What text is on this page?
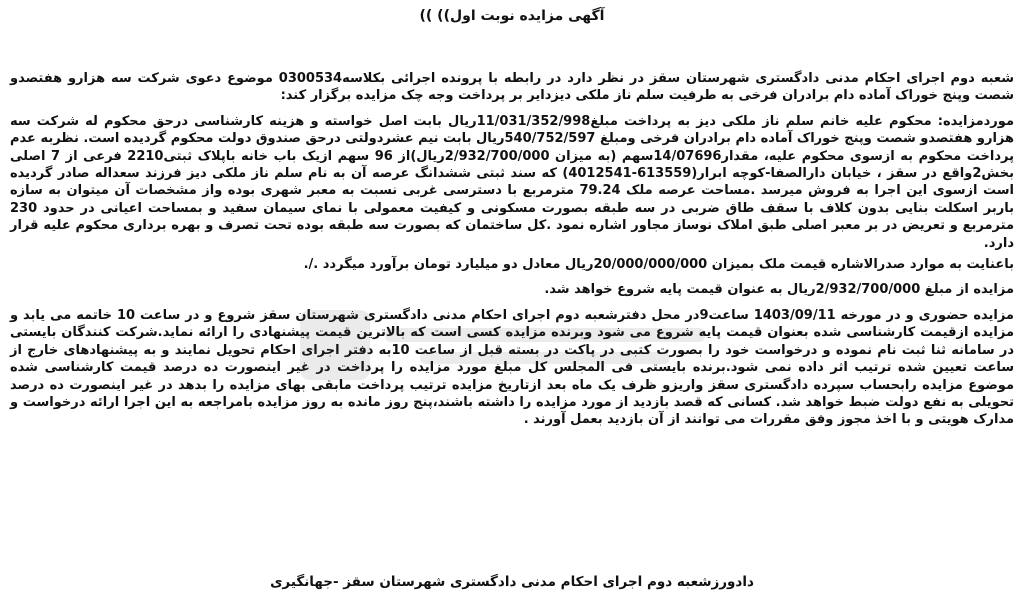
آگهی مزایده نوبت اول)) ))

شعبه دوم اجرای احکام مدنی دادگستری شهرستان سقز در نظر دارد در رابطه با پرونده اجرائی بکلاسه0300534 موضوع دعوی شرکت سه هزارو هفتصدو شصت وپنج خوراک آماده دام برادران فرخی به طرفیت سلم ناز ملکی دیزدایر بر پرداخت وجه چک مزایده برگزار کند:

موردمزایده: محکوم علیه خانم سلم ناز ملکی دیز به پرداخت مبلغ11/031/352/998ریال بابت اصل خواسته و هزینه کارشناسی درحق محکوم له شرکت سه هزارو هفتصدو شصت وپنج خوراک آماده دام برادران فرخی ومبلغ 540/752/597ریال بابت نیم عشردولتی درحق صندوق دولت محکوم گردیده است. نظربه عدم پرداخت محکوم به ازسوی محکوم علیه، مقدار14/07696سهم (به میزان 2/932/700/000ریال)از 96 سهم ازیک باب خانه باپلاک ثبتی2210 فرعی از 7 اصلی بخش2واقع در سقز ، خیابان دارالصفا-کوچه ابرار(613559-4012541) که سند ثبتی ششدانگ عرصه آن به نام سلم ناز ملکی دیز فرزند سعداله صادر گردیده است ازسوی این اجرا به فروش میرسد .مساحت عرصه ملک 79.24 مترمربع با دسترسی غربی نسبت به معبر شهری بوده واز مشخصات آن میتوان به سازه باربر اسکلت بنایی بدون کلاف با سقف طاق ضربی در سه طبقه بصورت مسکونی و کیفیت معمولی با نمای سیمان سفید و بمساحت اعیانی در حدود 230 مترمربع و تعریض در بر معبر اصلی طبق املاک نوساز مجاور اشاره نمود .کل ساختمان که بصورت سه طبقه بوده تحت تصرف و بهره برداری محکوم علیه قرار دارد.

باعنایت به موارد صدرالاشاره قیمت ملک بمیزان 20/000/000/000ریال معادل دو میلیارد تومان برآورد میگردد ./.

مزایده از مبلغ 2/932/700/000ریال به عنوان قیمت پایه شروع خواهد شد.

مزایده حضوری و در مورخه 1403/09/11 ساعت9در محل دفترشعبه دوم اجرای احکام مدنی دادگستری شهرستان سقز شروع و در ساعت 10 خاتمه می یابد و مزایده ازقیمت کارشناسی شده بعنوان قیمت پایه شروع می شود وبرنده مزایده کسی است که بالاترین قیمت پیشنهادی را ارائه نماید.شرکت کنندگان بایستی در سامانه ثنا ثبت نام نموده و درخواست خود را بصورت کتبی در پاکت در بسته قبل از ساعت 10به دفتر اجرای احکام تحویل نمایند و به پیشنهادهای خارج از ساعت تعیین شده ترتیب اثر داده نمی شود.برنده بایستی فی المجلس کل مبلغ مورد مزایده را پرداخت در غیر اینصورت ده درصد قیمت کارشناسی شده موضوع مزایده رابحساب سپرده دادگستری سقز واریزو ظرف یک ماه بعد ازتاریخ مزایده ترتیب پرداخت مابقی بهای مزایده را بدهد در غیر اینصورت ده درصد تحویلی به نفع دولت ضبط خواهد شد. کسانی که قصد بازدید از مورد مزایده را داشته باشند،پنج روز مانده به روز مزایده بامراجعه به این اجرا ارائه درخواست و مدارک هویتی و با اخذ مجوز وفق مقررات می توانند از آن بازدید بعمل آورند .

دادورزشعبه دوم اجرای احکام مدنی دادگستری شهرستان سقز -جهانگیری
